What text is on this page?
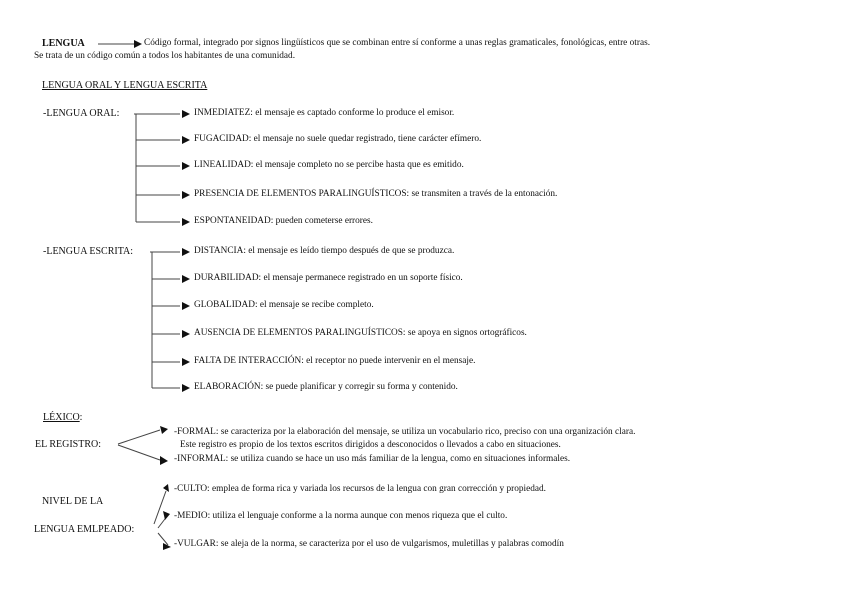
LENGUA	Código formal, integrado por signos lingüísticos que se combinan entre sí conforme a unas reglas gramaticales, fonológicas, entre otras.
Se trata de un código común a todos los habitantes de una comunidad.
LENGUA ORAL Y LENGUA ESCRITA
-LENGUA ORAL:	INMEDIATEZ: el mensaje es captado conforme lo produce el emisor.
FUGACIDAD: el mensaje no suele quedar registrado, tiene carácter efímero.
LINEALIDAD: el mensaje completo no se percibe hasta que es emitido.
PRESENCIA DE ELEMENTOS PARALINGUÍSTICOS: se transmiten a través de la entonación.
ESPONTANEIDAD: pueden cometerse errores.
-LENGUA ESCRITA:	DISTANCIA: el mensaje es leído tiempo después de que se produzca.
DURABILIDAD: el mensaje permanece registrado en un soporte físico.
GLOBALIDAD: el mensaje se recibe completo.
AUSENCIA DE ELEMENTOS PARALINGUÍSTICOS: se apoya en signos ortográficos.
FALTA DE INTERACCIÓN: el receptor no puede intervenir en el mensaje.
ELABORACIÓN: se puede planificar y corregir su forma y contenido.
LÉXICO:
EL REGISTRO:
-FORMAL: se caracteriza por la elaboración del mensaje, se utiliza un vocabulario rico, preciso con una organización clara.
Este registro es propio de los textos escritos dirigidos a desconocidos o llevados a cabo en situaciones.
-INFORMAL: se utiliza cuando se hace un uso más familiar de la lengua, como en situaciones informales.
NIVEL DE LA
LENGUA EMLPEADO:
-CULTO: emplea de forma rica y variada los recursos de la lengua con gran corrección y propiedad.
-MEDIO: utiliza el lenguaje conforme a la norma aunque con menos riqueza que el culto.
-VULGAR: se aleja de la norma, se caracteriza por el uso de vulgarismos, muletillas y palabras comodín
